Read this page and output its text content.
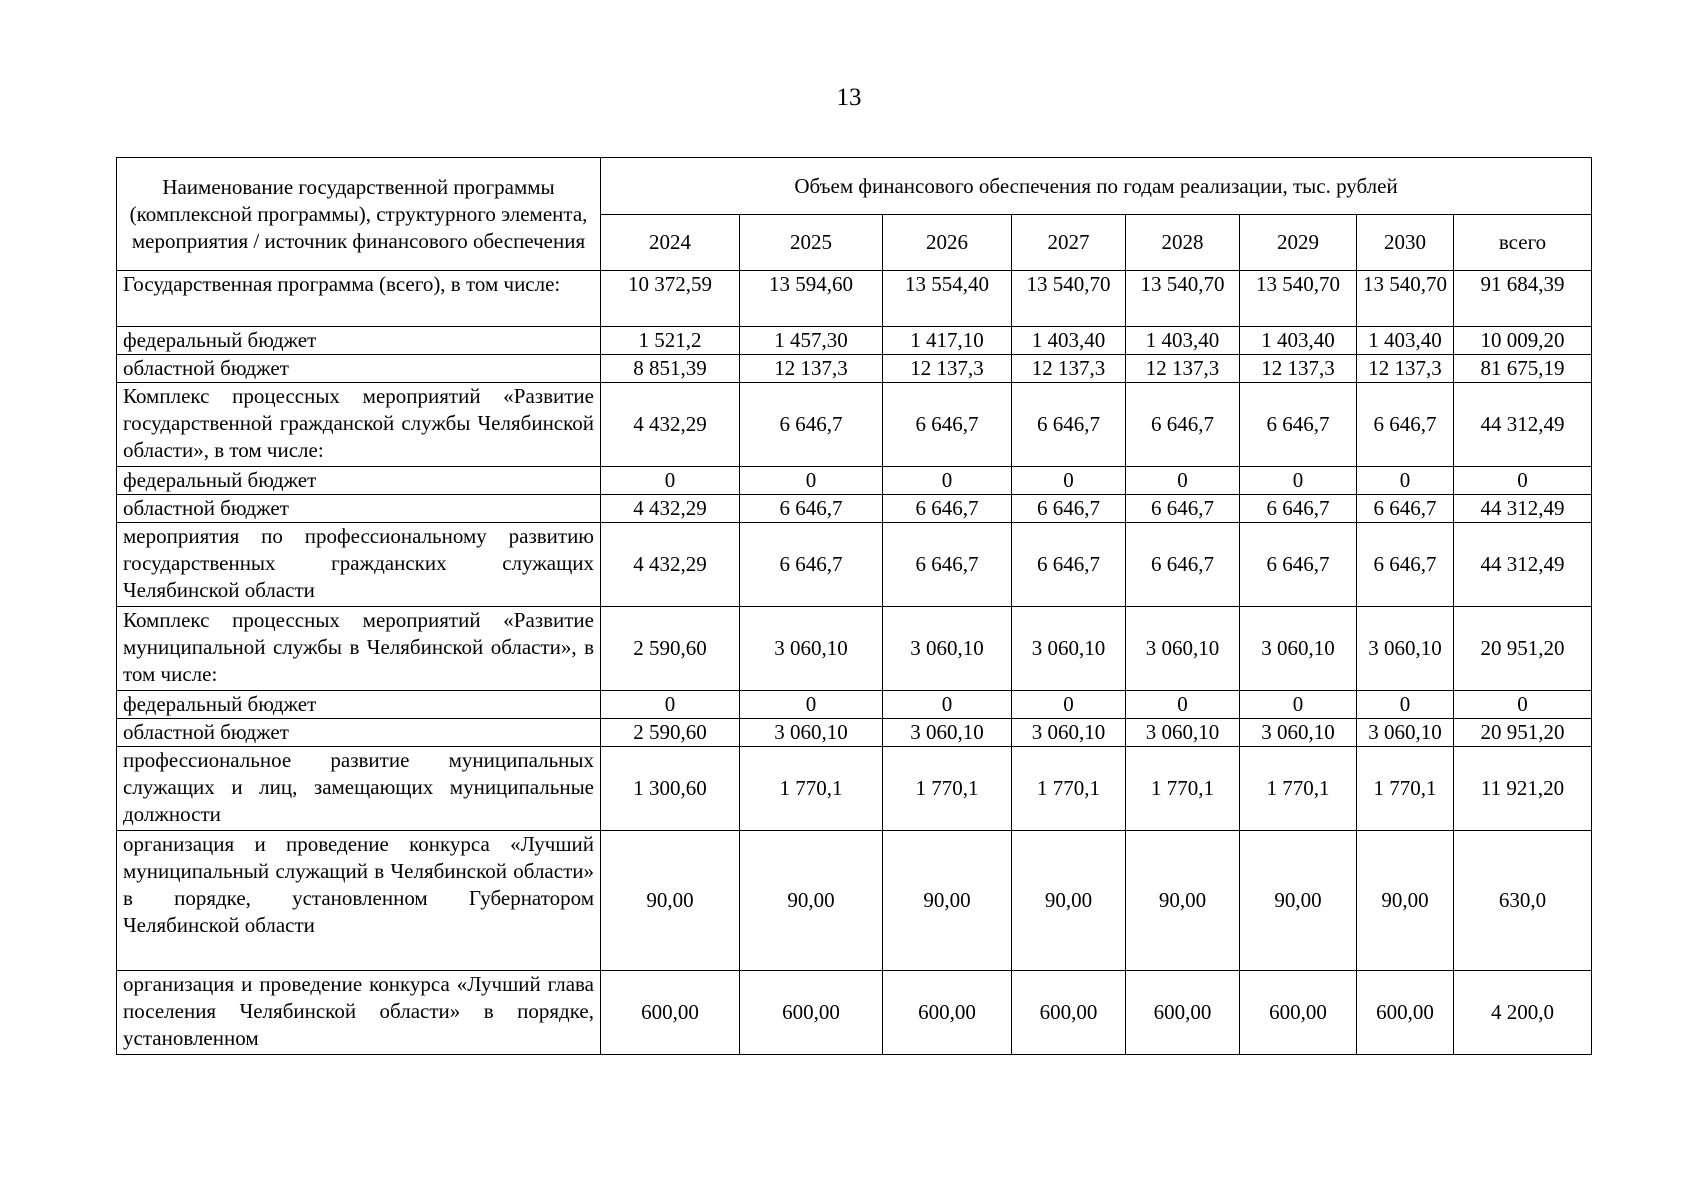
13
Наименование государственной программы (комплексной программы), структурного элемента, мероприятия / источник финансового обеспечения	Объем финансового обеспечения по годам реализации, тыс. рублей							
	2024	2025	2026	2027	2028	2029	2030	всего
Государственная программа (всего), в том числе:	10 372,59	13 594,60	13 554,40	13 540,70	13 540,70	13 540,70	13 540,70	91 684,39
федеральный бюджет	1 521,2	1 457,30	1 417,10	1 403,40	1 403,40	1 403,40	1 403,40	10 009,20
областной бюджет	8 851,39	12 137,3	12 137,3	12 137,3	12 137,3	12 137,3	12 137,3	81 675,19
Комплекс процессных мероприятий «Развитие государственной гражданской службы Челябинской области», в том числе:	4 432,29	6 646,7	6 646,7	6 646,7	6 646,7	6 646,7	6 646,7	44 312,49
федеральный бюджет	0	0	0	0	0	0	0	0
областной бюджет	4 432,29	6 646,7	6 646,7	6 646,7	6 646,7	6 646,7	6 646,7	44 312,49
мероприятия по профессиональному развитию государственных гражданских служащих Челябинской области	4 432,29	6 646,7	6 646,7	6 646,7	6 646,7	6 646,7	6 646,7	44 312,49
Комплекс процессных мероприятий «Развитие муниципальной службы в Челябинской области», в том числе:	2 590,60	3 060,10	3 060,10	3 060,10	3 060,10	3 060,10	3 060,10	20 951,20
федеральный бюджет	0	0	0	0	0	0	0	0
областной бюджет	2 590,60	3 060,10	3 060,10	3 060,10	3 060,10	3 060,10	3 060,10	20 951,20
профессиональное развитие муниципальных служащих и лиц, замещающих муниципальные должности	1 300,60	1 770,1	1 770,1	1 770,1	1 770,1	1 770,1	1 770,1	11 921,20
организация и проведение конкурса «Лучший муниципальный служащий в Челябинской области» в порядке, установленном Губернатором Челябинской области	90,00	90,00	90,00	90,00	90,00	90,00	90,00	630,0

организация и проведение конкурса «Лучший глава поселения Челябинской области» в порядке, установленном	600,00	600,00	600,00	600,00	600,00	600,00	600,00	4 200,0
